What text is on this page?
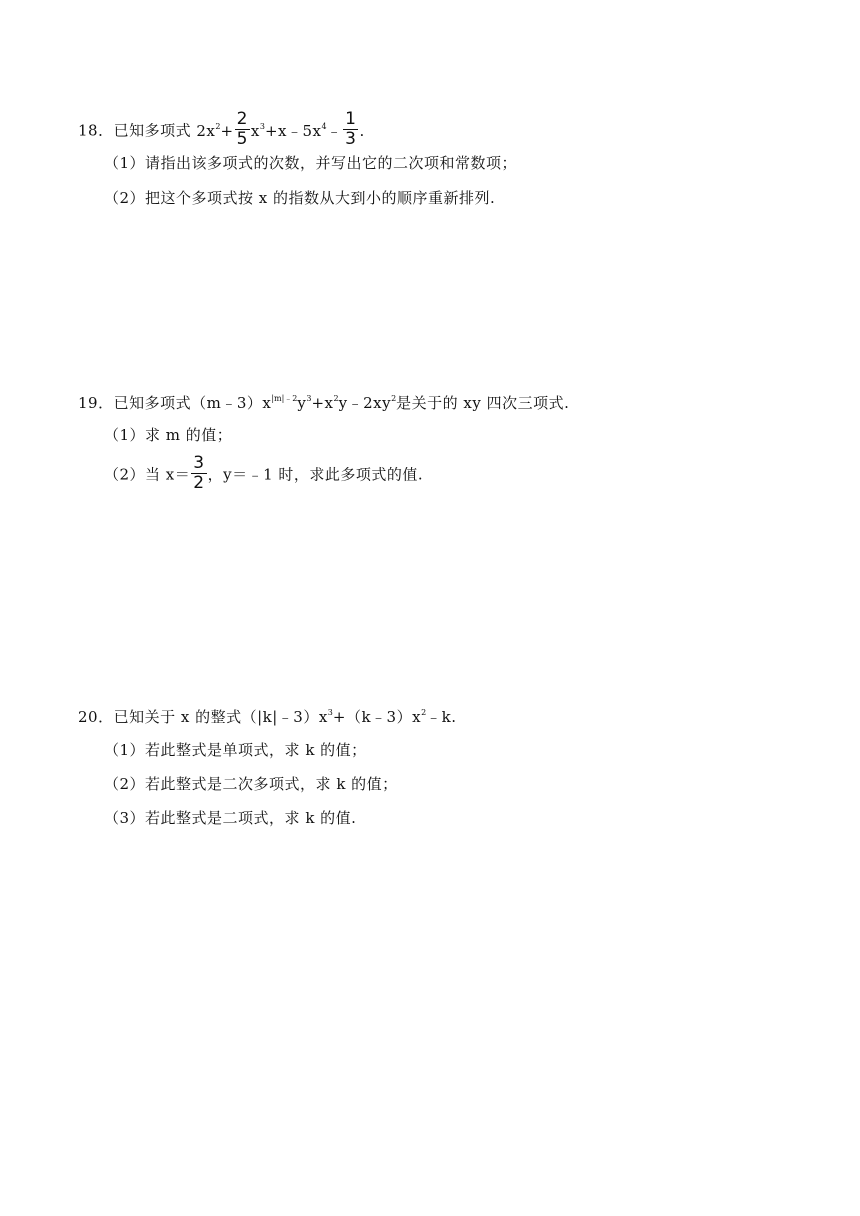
18．已知多项式 $2x^2+ \frac{2}{5}$ $x^3+x﹣5x^4﹣ \frac{1}{3}$ .
（1）请指出该多项式的次数，并写出它的二次项和常数项；
（2）把这个多项式按 x 的指数从大到小的顺序重新排列.
19．已知多项式$(m﹣3)x^{|m|﹣2}y^3+x^2y﹣2xy^2$是关于的 xy 四次三项式.
（1）求 m 的值；
（2）当 $x= \frac{3}{2}$ ，y＝﹣1 时，求此多项式的值.
20．已知关于 x 的整式$(|k|﹣3)x^3+(k﹣3)x^2﹣k$.
（1）若此整式是单项式，求 k 的值；
（2）若此整式是二次多项式，求 k 的值；
（3）若此整式是二项式，求 k 的值.
